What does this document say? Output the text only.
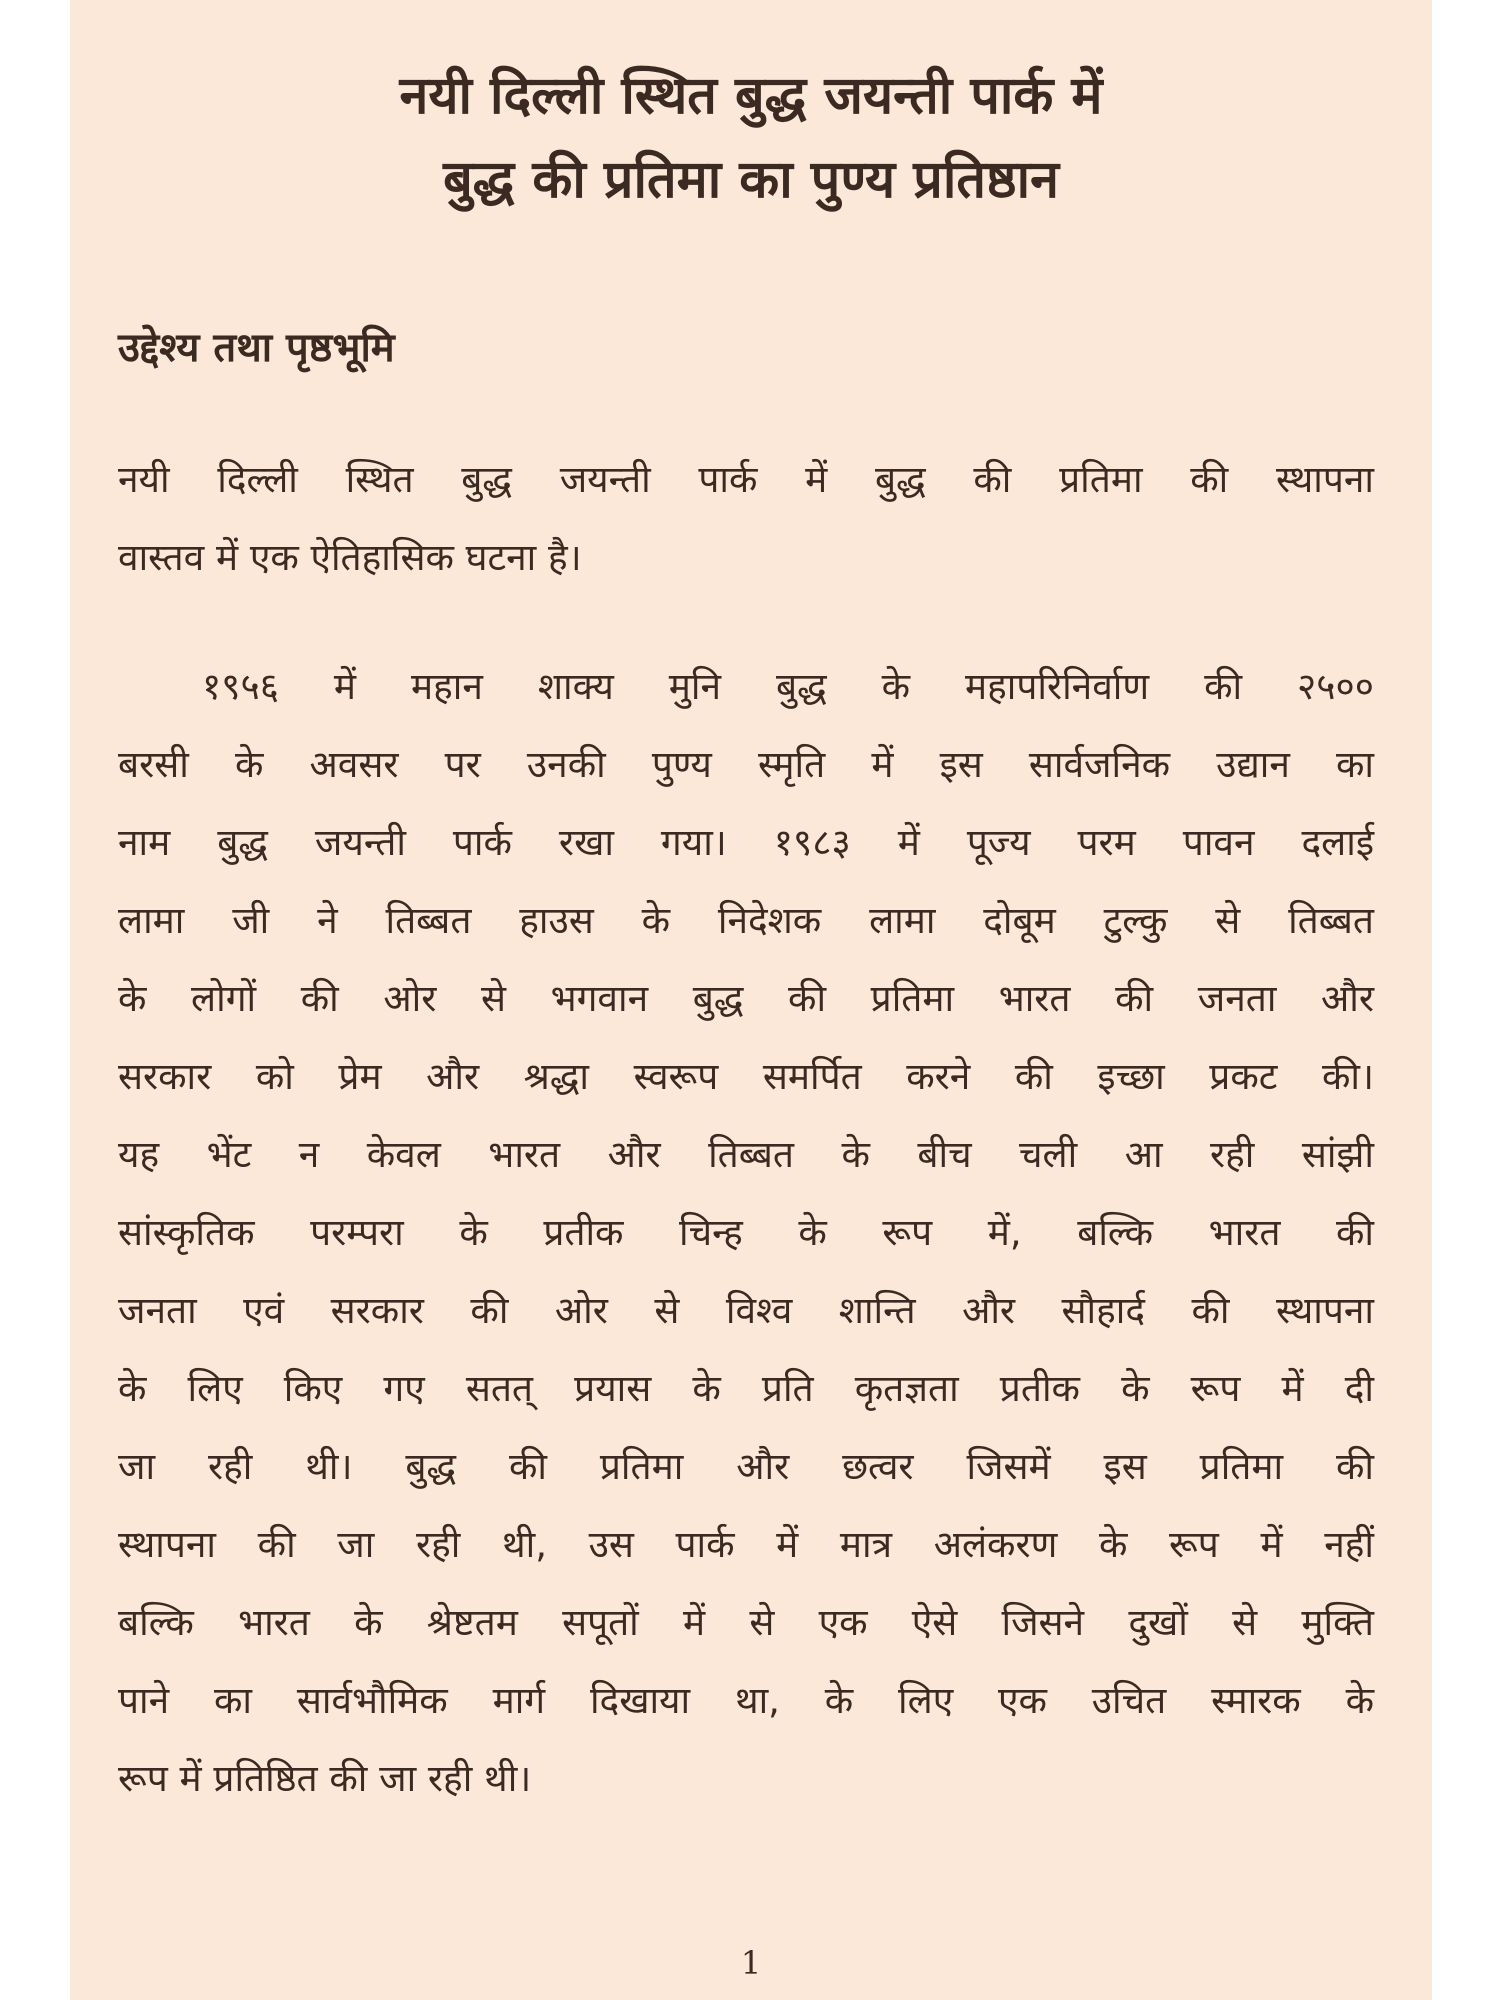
नयी दिल्ली स्थित बुद्ध जयन्ती पार्क में
बुद्ध की प्रतिमा का पुण्य प्रतिष्ठान
उद्देश्य तथा पृष्ठभूमि
नयी दिल्ली स्थित बुद्ध जयन्ती पार्क में बुद्ध की प्रतिमा की स्थापना
वास्तव में एक ऐतिहासिक घटना है।
१९५६ में महान शाक्य मुनि बुद्ध के महापरिनिर्वाण की २५००
बरसी के अवसर पर उनकी पुण्य स्मृति में इस सार्वजनिक उद्यान का
नाम बुद्ध जयन्ती पार्क रखा गया। १९८३ में पूज्य परम पावन दलाई
लामा जी ने तिब्बत हाउस के निदेशक लामा दोबूम टुल्कु से तिब्बत
के लोगों की ओर से भगवान बुद्ध की प्रतिमा भारत की जनता और
सरकार को प्रेम और श्रद्धा स्वरूप समर्पित करने की इच्छा प्रकट की।
यह भेंट न केवल भारत और तिब्बत के बीच चली आ रही सांझी
सांस्कृतिक परम्परा के प्रतीक चिन्ह के रूप में, बल्कि भारत की
जनता एवं सरकार की ओर से विश्व शान्ति और सौहार्द की स्थापना
के लिए किए गए सतत् प्रयास के प्रति कृतज्ञता प्रतीक के रूप में दी
जा रही थी। बुद्ध की प्रतिमा और छत्वर जिसमें इस प्रतिमा की
स्थापना की जा रही थी, उस पार्क में मात्र अलंकरण के रूप में नहीं
बल्कि भारत के श्रेष्टतम सपूतों में से एक ऐसे जिसने दुखों से मुक्ति
पाने का सार्वभौमिक मार्ग दिखाया था, के लिए एक उचित स्मारक के
रूप में प्रतिष्ठित की जा रही थी।
1
